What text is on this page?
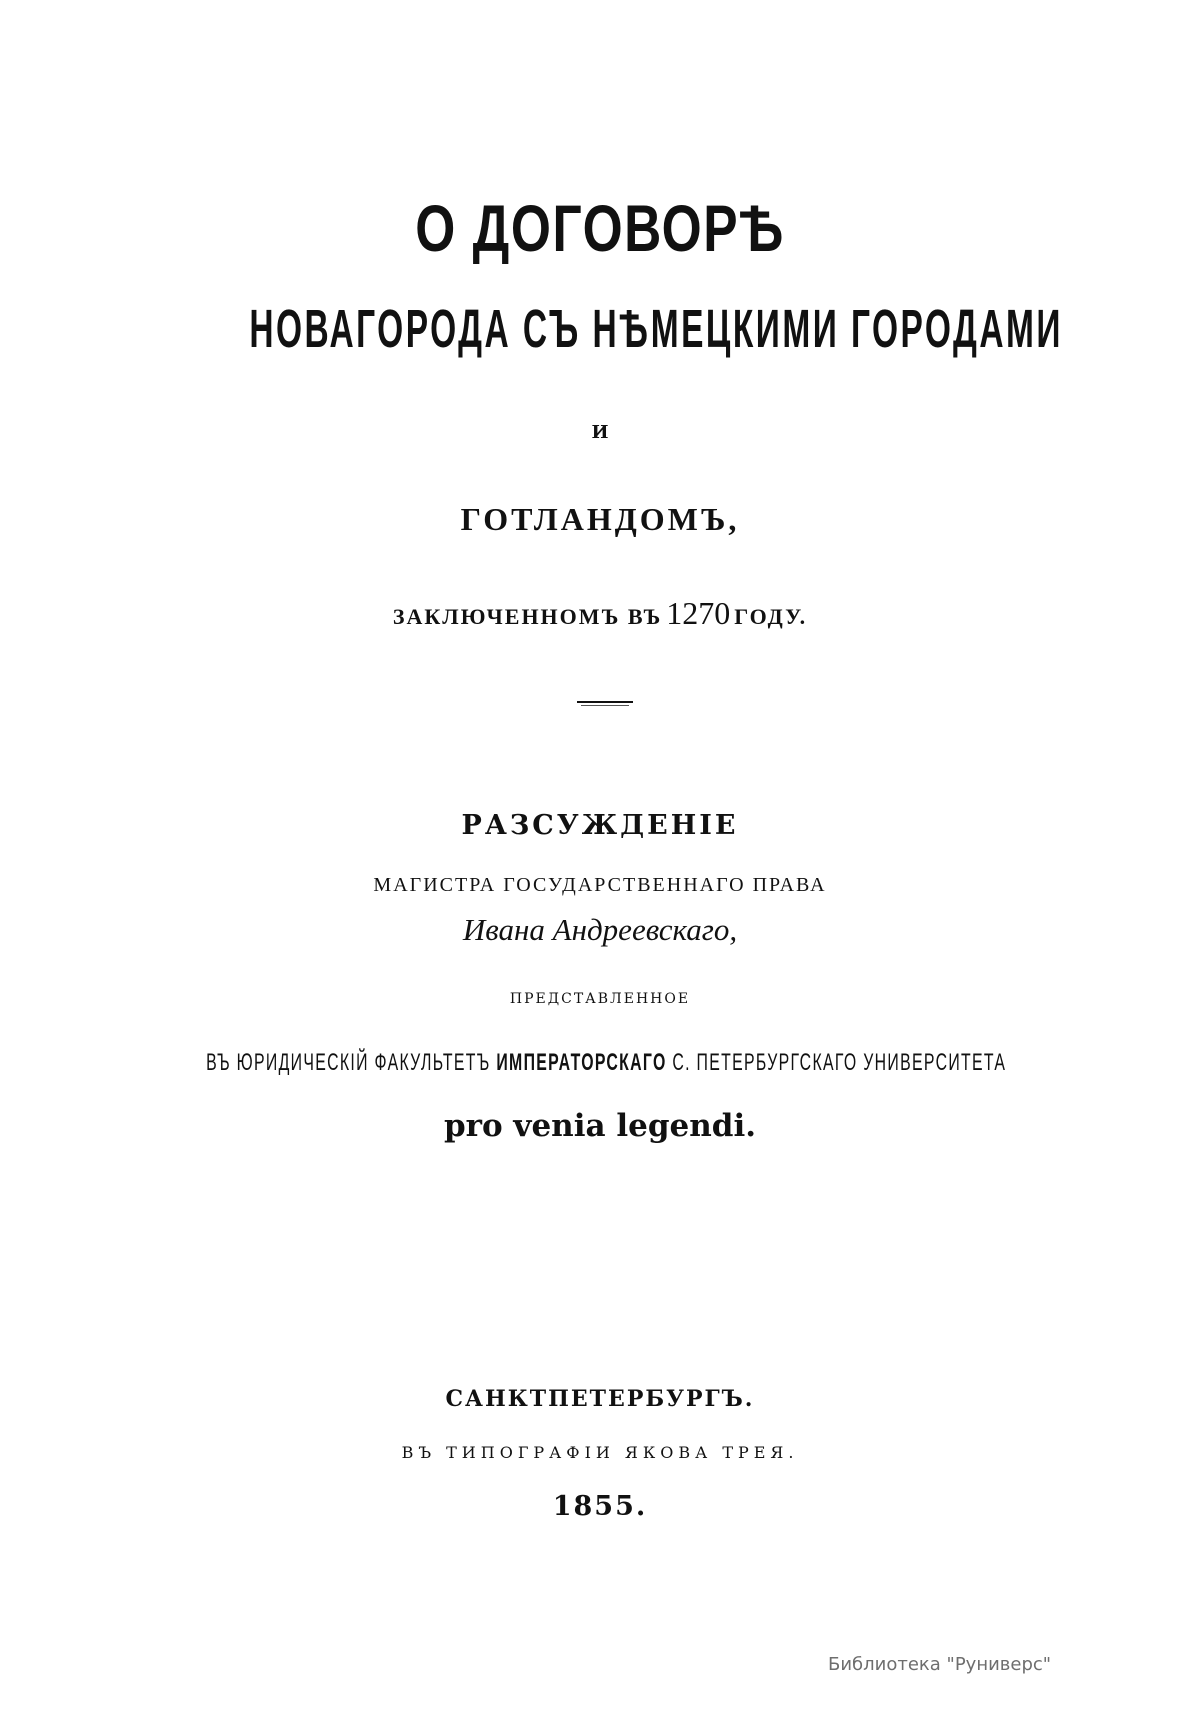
О ДОГОВОРѢ
НОВАГОРОДА СЪ НѢМЕЦКИМИ ГОРОДАМИ
И
ГОТЛАНДОМЪ,
ЗАКЛЮЧЕННОМЪ ВЪ 1270 ГОДУ.
РАЗСУЖДЕНІЕ
МАГИСТРА ГОСУДАРСТВЕННАГО ПРАВА
Ивана Андреевскаго,
ПРЕДСТАВЛЕННОЕ
ВЪ ЮРИДИЧЕСКІЙ ФАКУЛЬТЕТЪ ИМПЕРАТОРСКАГО С. ПЕТЕРБУРГСКАГО УНИВЕРСИТЕТА
pro venia legendi.
САНКТПЕТЕРБУРГЪ.
ВЪ ТИПОГРАФІИ ЯКОВА ТРЕЯ.
1855.
Библиотека "Руниверс"
